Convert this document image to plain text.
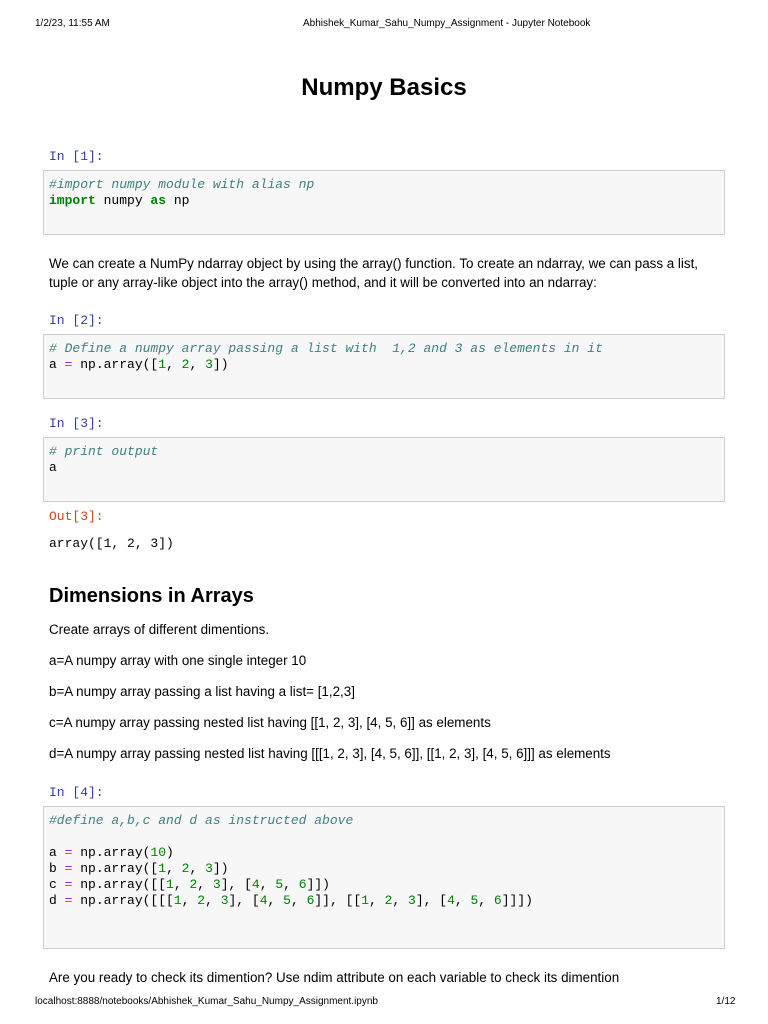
1/2/23, 11:55 AM	Abhishek_Kumar_Sahu_Numpy_Assignment - Jupyter Notebook
Numpy Basics
In [1]:
#import numpy module with alias np
import numpy as np

We can create a NumPy ndarray object by using the array() function. To create an ndarray, we can pass a list, tuple or any array-like object into the array() method, and it will be converted into an ndarray:

In [2]:
# Define a numpy array passing a list with  1,2 and 3 as elements in it
a = np.array([1, 2, 3])
In [3]:
# print output
a
Out[3]:
array([1, 2, 3])
Dimensions in Arrays

Create arrays of different dimentions.

a=A numpy array with one single integer 10

b=A numpy array passing a list having a list= [1,2,3]

c=A numpy array passing nested list having [[1, 2, 3], [4, 5, 6]] as elements

d=A numpy array passing nested list having [[[1, 2, 3], [4, 5, 6]], [[1, 2, 3], [4, 5, 6]]] as elements

In [4]:
#define a,b,c and d as instructed above

a = np.array(10)
b = np.array([1, 2, 3])
c = np.array([[1, 2, 3], [4, 5, 6]])
d = np.array([[[1, 2, 3], [4, 5, 6]], [[1, 2, 3], [4, 5, 6]]])

Are you ready to check its dimention? Use ndim attribute on each variable to check its dimention

localhost:8888/notebooks/Abhishek_Kumar_Sahu_Numpy_Assignment.ipynb	1/12
